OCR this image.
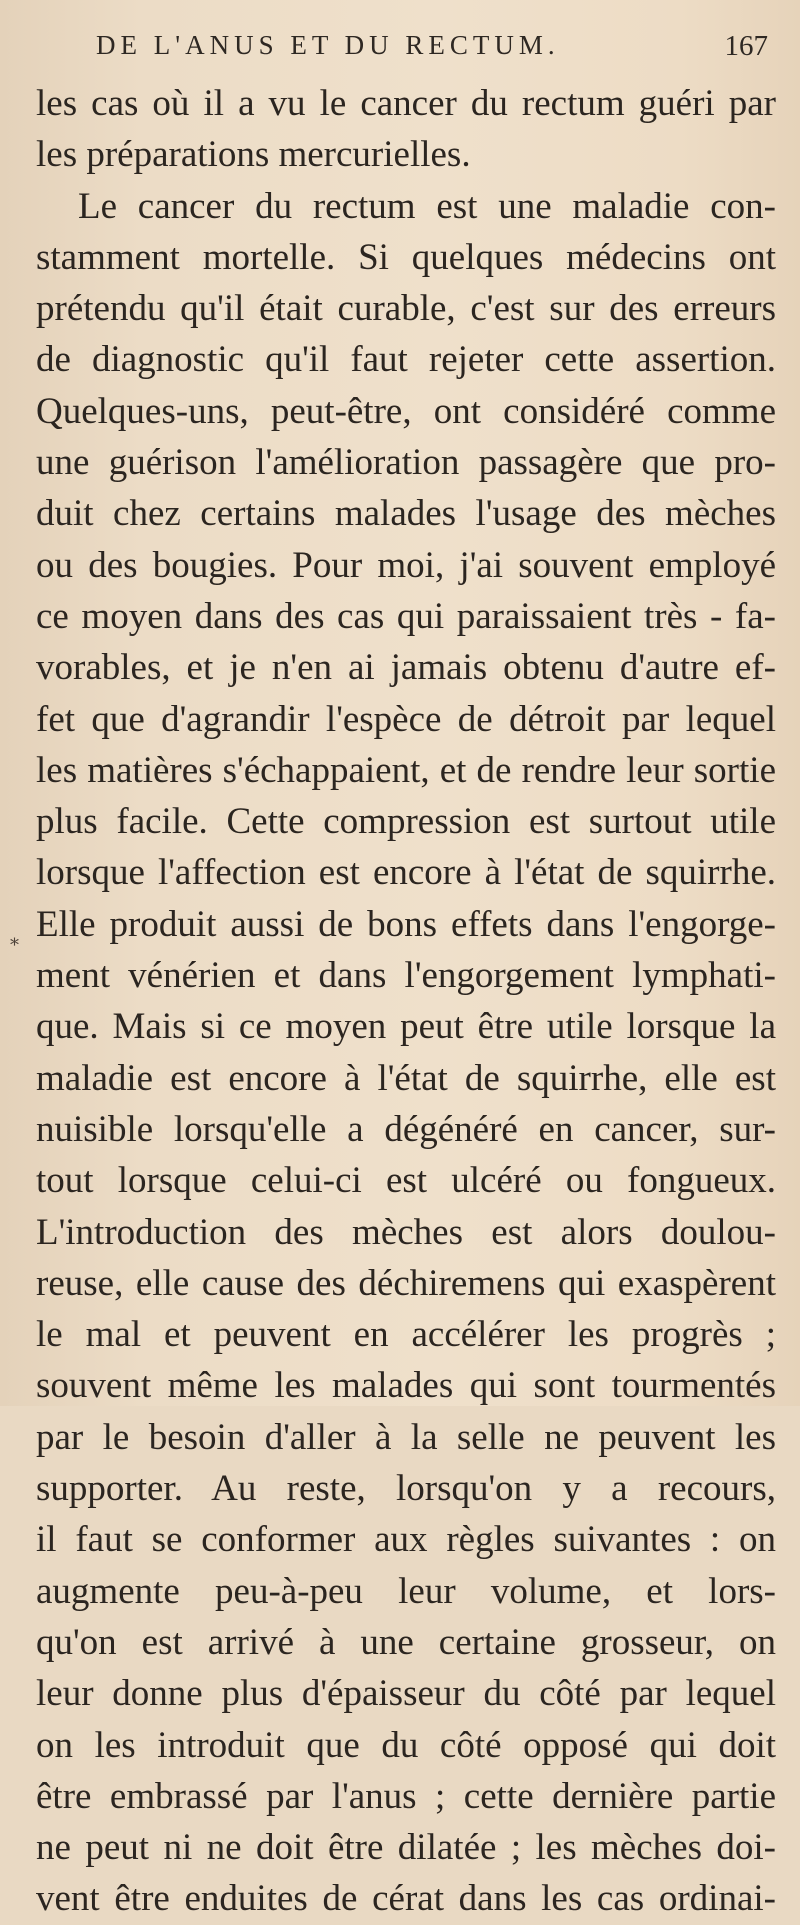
DE L'ANUS ET DU RECTUM.	167
*
les cas où il a vu le cancer du rectum guéri par
les préparations mercurielles.
Le cancer du rectum est une maladie con-
stamment mortelle. Si quelques médecins ont
prétendu qu'il était curable, c'est sur des erreurs
de diagnostic qu'il faut rejeter cette assertion.
Quelques-uns, peut-être, ont considéré comme
une guérison l'amélioration passagère que pro-
duit chez certains malades l'usage des mèches
ou des bougies. Pour moi, j'ai souvent employé
ce moyen dans des cas qui paraissaient très - fa-
vorables, et je n'en ai jamais obtenu d'autre ef-
fet que d'agrandir l'espèce de détroit par lequel
les matières s'échappaient, et de rendre leur sortie
plus facile. Cette compression est surtout utile
lorsque l'affection est encore à l'état de squirrhe.
Elle produit aussi de bons effets dans l'engorge-
ment vénérien et dans l'engorgement lymphati-
que. Mais si ce moyen peut être utile lorsque la
maladie est encore à l'état de squirrhe, elle est
nuisible lorsqu'elle a dégénéré en cancer, sur-
tout lorsque celui-ci est ulcéré ou fongueux.
L'introduction des mèches est alors doulou-
reuse, elle cause des déchiremens qui exaspèrent
le mal et peuvent en accélérer les progrès ;
souvent même les malades qui sont tourmentés
par le besoin d'aller à la selle ne peuvent les
supporter. Au reste, lorsqu'on y a recours,
il faut se conformer aux règles suivantes : on
augmente peu-à-peu leur volume, et lors-
qu'on est arrivé à une certaine grosseur, on
leur donne plus d'épaisseur du côté par lequel
on les introduit que du côté opposé qui doit
être embrassé par l'anus ; cette dernière partie
ne peut ni ne doit être dilatée ; les mèches doi-
vent être enduites de cérat dans les cas ordinai-
